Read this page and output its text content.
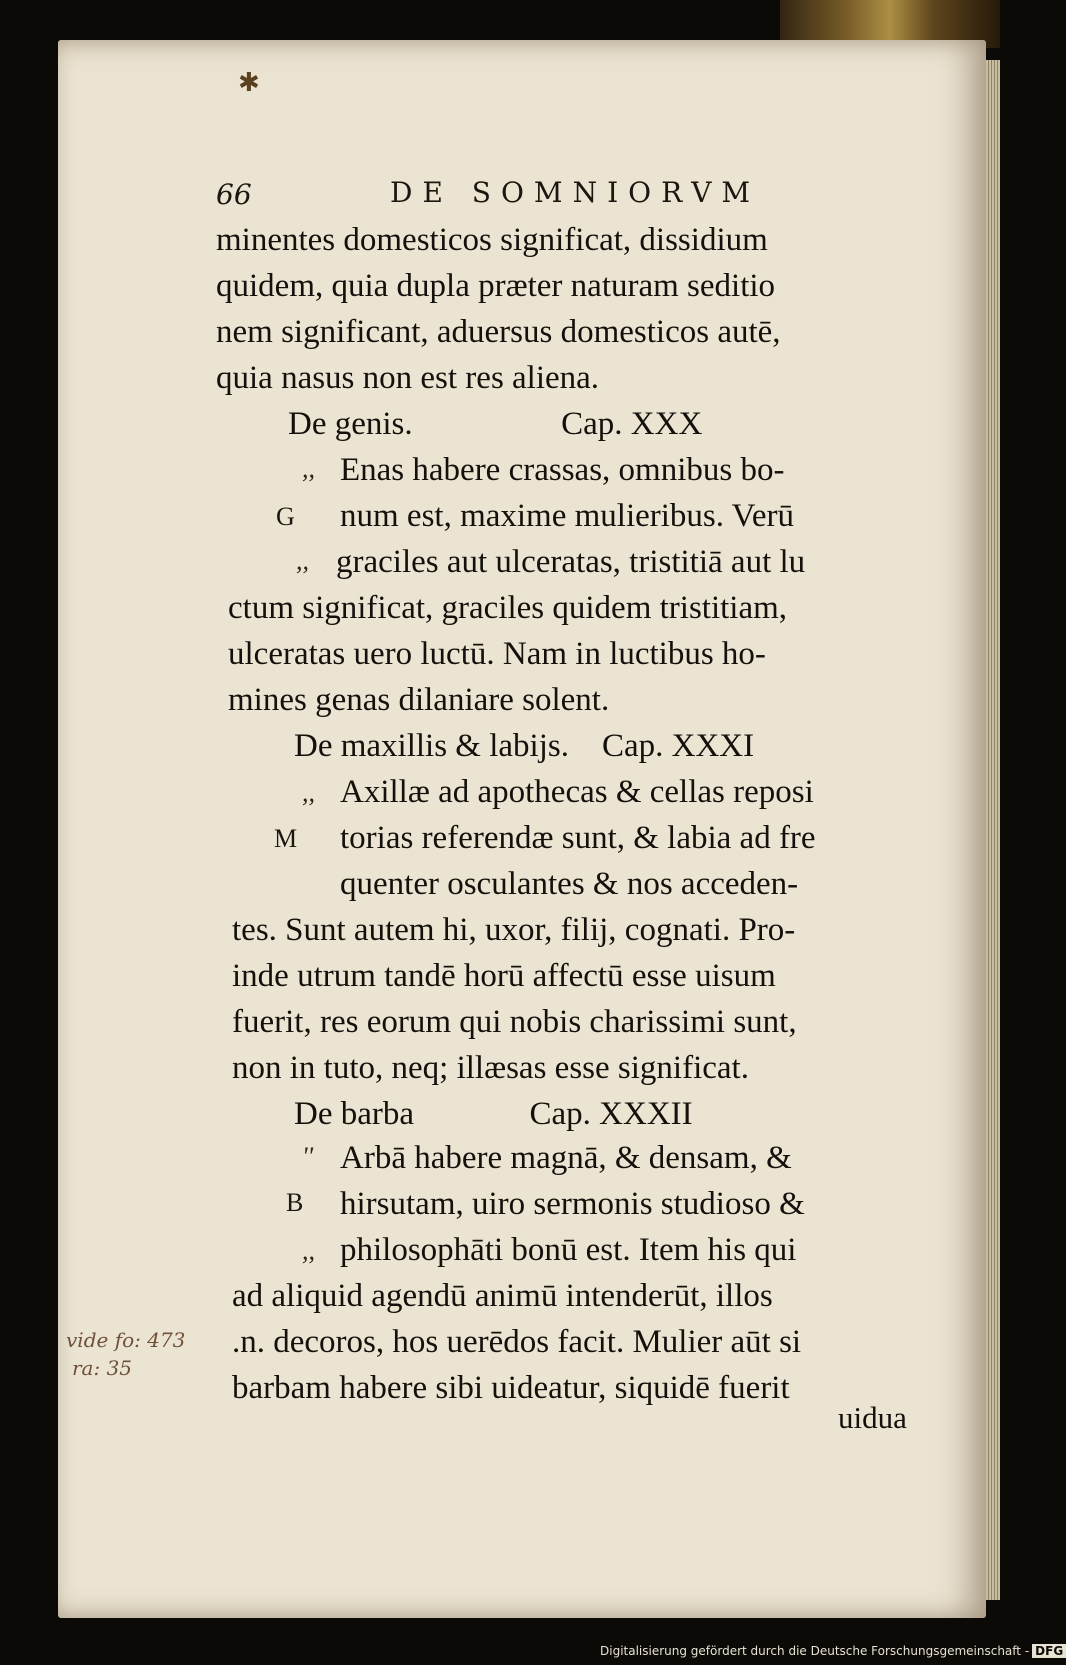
✱
66	DE SOMNIORVM
minentes domesticos significat, dissidium
quidem, quia dupla præter naturam seditio
nem significant, aduersus domesticos autē,
quia nasus non est res aliena.
De genis.                  Cap. XXX
,, Enas habere crassas, omnibus bo-
G num est, maxime mulieribus. Verū
,, graciles aut ulceratas, tristitiā aut lu
ctum significat, graciles quidem tristitiam,
ulceratas uero luctū. Nam in luctibus ho-
mines genas dilaniare solent.
De maxillis & labijs.    Cap. XXXI
,, Axillæ ad apothecas & cellas reposi
M torias referendæ sunt, & labia ad fre
quenter osculantes & nos acceden-
tes. Sunt autem hi, uxor, filij, cognati. Pro-
inde utrum tandē horū affectū esse uisum
fuerit, res eorum qui nobis charissimi sunt,
non in tuto, neq; illæsas esse significat.
De barba              Cap. XXXII
'' Arbā habere magnā, & densam, &
B hirsutam, uiro sermonis studioso &
,, philosophāti bonū est. Item his qui
ad aliquid agendū animū intenderūt, illos
.n. decoros, hos uerēdos facit. Mulier aūt si
barbam habere sibi uideatur, siquidē fuerit
uidua
vide fo: 473
ra: 35
Digitalisierung gefördert durch die Deutsche Forschungsgemeinschaft - DFG
